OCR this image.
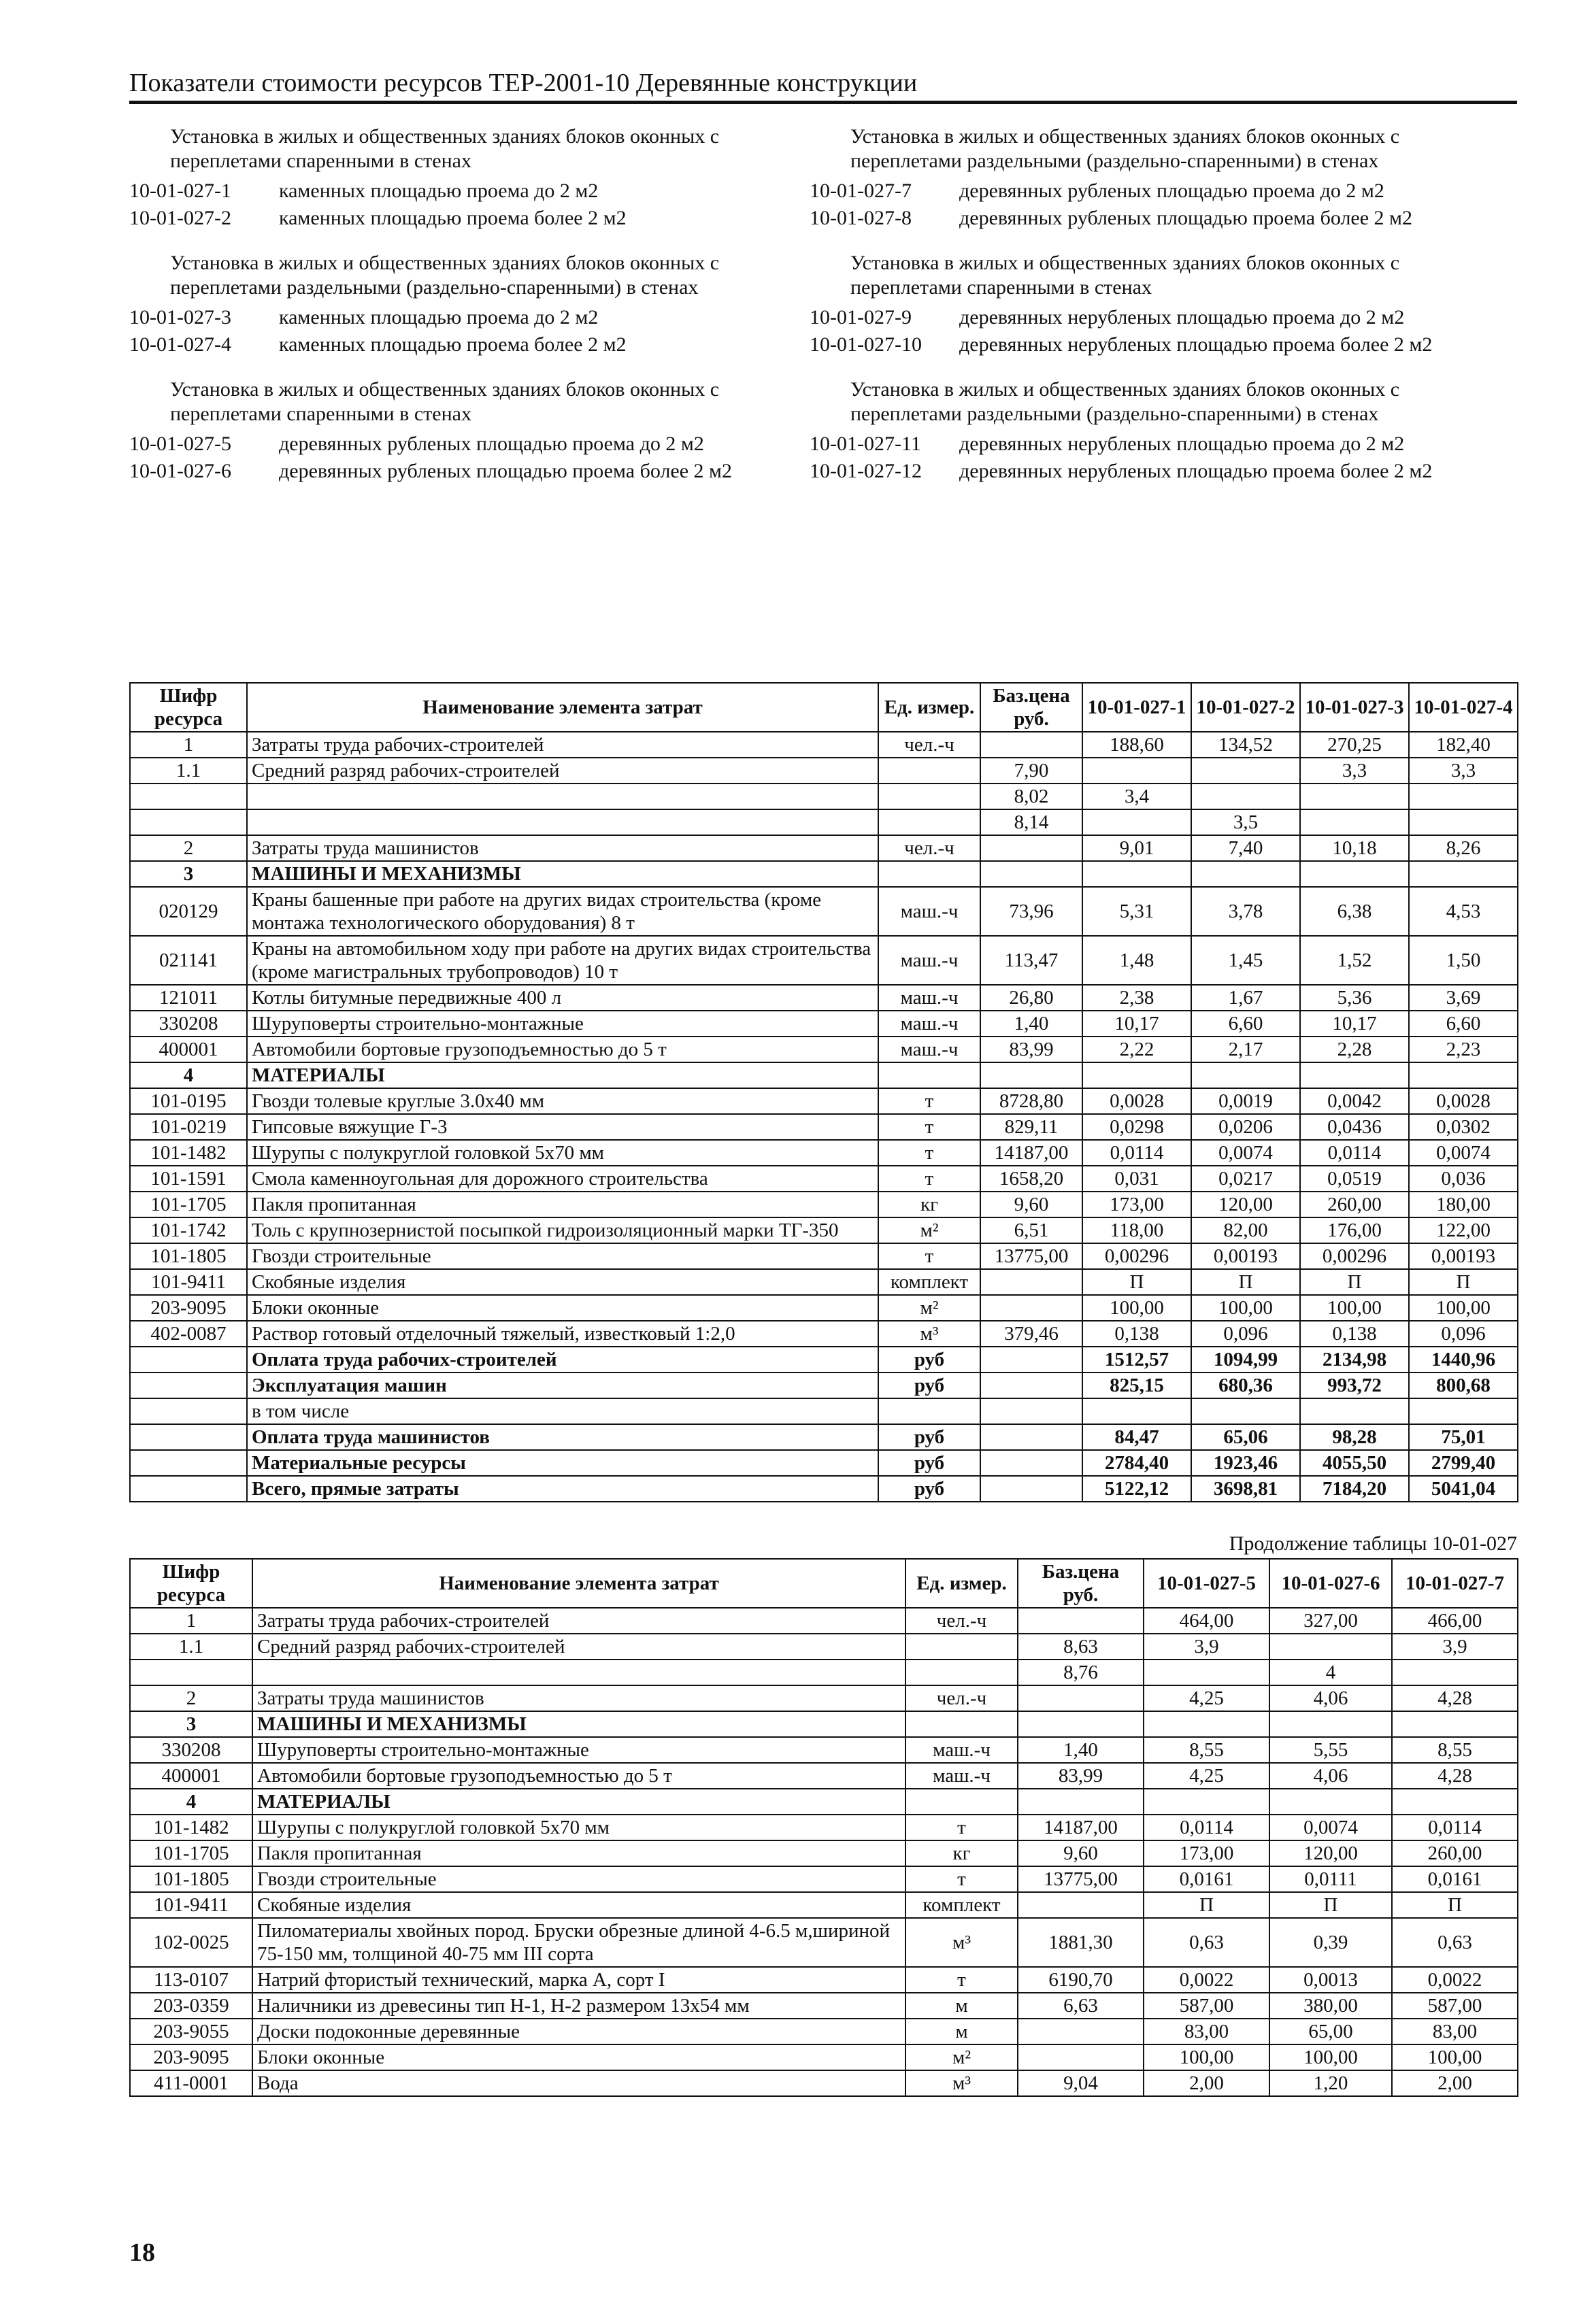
Показатели стоимости ресурсов ТЕР-2001-10 Деревянные конструкции
Установка в жилых и общественных зданиях блоков оконных с переплетами спаренными в стенах
10-01-027-1	каменных площадью проема до 2 м2
10-01-027-2	каменных площадью проема более 2 м2
Установка в жилых и общественных зданиях блоков оконных с переплетами раздельными (раздельно-спаренными) в стенах
10-01-027-3	каменных площадью проема до 2 м2
10-01-027-4	каменных площадью проема более 2 м2
Установка в жилых и общественных зданиях блоков оконных с переплетами спаренными в стенах
10-01-027-5	деревянных рубленых площадью проема до 2 м2
10-01-027-6	деревянных рубленых площадью проема более 2 м2
Установка в жилых и общественных зданиях блоков оконных с переплетами раздельными (раздельно-спаренными) в стенах
10-01-027-7	деревянных рубленых площадью проема до 2 м2
10-01-027-8	деревянных рубленых площадью проема более 2 м2
Установка в жилых и общественных зданиях блоков оконных с переплетами спаренными в стенах
10-01-027-9	деревянных нерубленых площадью проема до 2 м2
10-01-027-10	деревянных нерубленых площадью проема более 2 м2
Установка в жилых и общественных зданиях блоков оконных с переплетами раздельными (раздельно-спаренными) в стенах
10-01-027-11	деревянных нерубленых площадью проема до 2 м2
10-01-027-12	деревянных нерубленых площадью проема более 2 м2
Шифр ресурса	Наименование элемента затрат	Ед. измер.	Баз.цена руб.	10-01-027-1	10-01-027-2	10-01-027-3	10-01-027-4
1	Затраты труда рабочих-строителей	чел.-ч		188,60	134,52	270,25	182,40
1.1	Средний разряд рабочих-строителей		7,90			3,3	3,3
			8,02	3,4			
			8,14		3,5		
2	Затраты труда машинистов	чел.-ч		9,01	7,40	10,18	8,26
3	МАШИНЫ И МЕХАНИЗМЫ						
020129	Краны башенные при работе на других видах строительства (кроме монтажа технологического оборудования) 8 т	маш.-ч	73,96	5,31	3,78	6,38	4,53
021141	Краны на автомобильном ходу при работе на других видах строительства (кроме магистральных трубопроводов) 10 т	маш.-ч	113,47	1,48	1,45	1,52	1,50
121011	Котлы битумные передвижные 400 л	маш.-ч	26,80	2,38	1,67	5,36	3,69
330208	Шуруповерты строительно-монтажные	маш.-ч	1,40	10,17	6,60	10,17	6,60
400001	Автомобили бортовые грузоподъемностью до 5 т	маш.-ч	83,99	2,22	2,17	2,28	2,23
4	МАТЕРИАЛЫ						
101-0195	Гвозди толевые круглые 3.0х40 мм	т	8728,80	0,0028	0,0019	0,0042	0,0028
101-0219	Гипсовые вяжущие Г-3	т	829,11	0,0298	0,0206	0,0436	0,0302
101-1482	Шурупы с полукруглой головкой 5х70 мм	т	14187,00	0,0114	0,0074	0,0114	0,0074
101-1591	Смола каменноугольная для дорожного строительства	т	1658,20	0,031	0,0217	0,0519	0,036
101-1705	Пакля пропитанная	кг	9,60	173,00	120,00	260,00	180,00
101-1742	Толь с крупнозернистой посыпкой гидроизоляционный марки ТГ-350	м²	6,51	118,00	82,00	176,00	122,00
101-1805	Гвозди строительные	т	13775,00	0,00296	0,00193	0,00296	0,00193
101-9411	Скобяные изделия	комплект		П	П	П	П
203-9095	Блоки оконные	м²		100,00	100,00	100,00	100,00
402-0087	Раствор готовый отделочный тяжелый, известковый 1:2,0	м³	379,46	0,138	0,096	0,138	0,096
	Оплата труда рабочих-строителей	руб		1512,57	1094,99	2134,98	1440,96
	Эксплуатация машин	руб		825,15	680,36	993,72	800,68
	в том числе						
	Оплата труда машинистов	руб		84,47	65,06	98,28	75,01
	Материальные ресурсы	руб		2784,40	1923,46	4055,50	2799,40
	Всего, прямые затраты	руб		5122,12	3698,81	7184,20	5041,04
Продолжение таблицы 10-01-027
Шифр ресурса	Наименование элемента затрат	Ед. измер.	Баз.цена руб.	10-01-027-5	10-01-027-6	10-01-027-7
1	Затраты труда рабочих-строителей	чел.-ч		464,00	327,00	466,00
1.1	Средний разряд рабочих-строителей		8,63	3,9		3,9
			8,76		4	
2	Затраты труда машинистов	чел.-ч		4,25	4,06	4,28
3	МАШИНЫ И МЕХАНИЗМЫ					
330208	Шуруповерты строительно-монтажные	маш.-ч	1,40	8,55	5,55	8,55
400001	Автомобили бортовые грузоподъемностью до 5 т	маш.-ч	83,99	4,25	4,06	4,28
4	МАТЕРИАЛЫ					
101-1482	Шурупы с полукруглой головкой 5х70 мм	т	14187,00	0,0114	0,0074	0,0114
101-1705	Пакля пропитанная	кг	9,60	173,00	120,00	260,00
101-1805	Гвозди строительные	т	13775,00	0,0161	0,0111	0,0161
101-9411	Скобяные изделия	комплект		П	П	П
102-0025	Пиломатериалы хвойных пород. Бруски обрезные длиной 4-6.5 м,шириной 75-150 мм, толщиной 40-75 мм III сорта	м³	1881,30	0,63	0,39	0,63
113-0107	Натрий фтористый технический, марка А, сорт I	т	6190,70	0,0022	0,0013	0,0022
203-0359	Наличники из древесины тип Н-1, Н-2 размером 13х54 мм	м	6,63	587,00	380,00	587,00
203-9055	Доски подоконные деревянные	м		83,00	65,00	83,00
203-9095	Блоки оконные	м²		100,00	100,00	100,00
411-0001	Вода	м³	9,04	2,00	1,20	2,00
18
